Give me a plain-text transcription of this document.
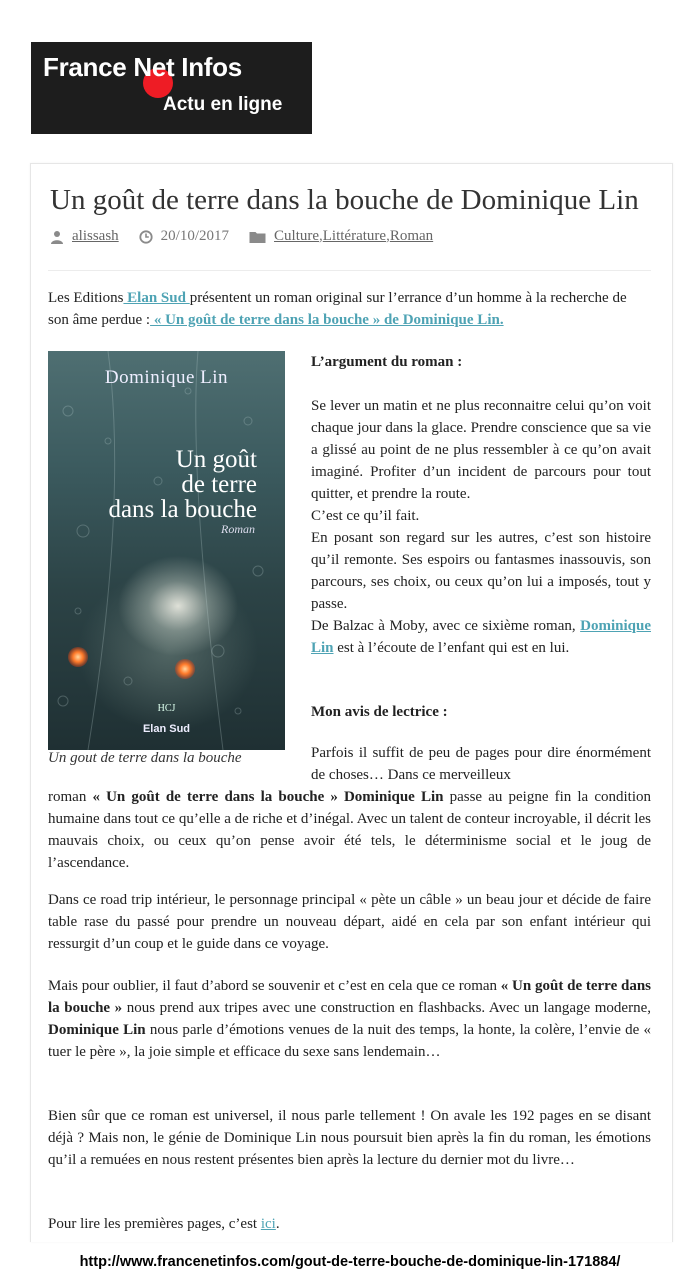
France Net Infos
Actu en ligne
Un goût de terre dans la bouche de Dominique Lin
alissash	20/10/2017	Culture , Littérature , Roman

Les Editions Elan Sud présentent un roman original sur l’errance d’un homme à la recherche de son âme perdue : « Un goût de terre dans la bouche » de Dominique Lin.

Dominique Lin
Un goût
de terre
dans la bouche
Roman
HCJ
Elan Sud
Un gout de terre dans la bouche

L’argument du roman :

Se lever un matin et ne plus reconnaitre celui qu’on voit chaque jour dans la glace. Prendre conscience que sa vie a glissé au point de ne plus ressembler à ce qu’on avait imaginé. Profiter d’un incident de parcours pour tout quitter, et prendre la route.

C’est ce qu’il fait.

En posant son regard sur les autres, c’est son histoire qu’il remonte. Ses espoirs ou fantasmes inassouvis, son parcours, ses choix, ou ceux qu’on lui a imposés, tout y passe.

De Balzac à Moby, avec ce sixième roman, Dominique Lin est à l’écoute de l’enfant qui est en lui.

Mon avis de lectrice :

Parfois il suffit de peu de pages pour dire énormément de choses… Dans ce merveilleux

roman « Un goût de terre dans la bouche » Dominique Lin passe au peigne fin la condition humaine dans tout ce qu’elle a de riche et d’inégal. Avec un talent de conteur incroyable, il décrit les mauvais choix, ou ceux qu’on pense avoir été tels, le déterminisme social et le joug de l’ascendance.

Dans ce road trip intérieur, le personnage principal « pète un câble » un beau jour et décide de faire table rase du passé pour prendre un nouveau départ, aidé en cela par son enfant intérieur qui ressurgit d’un coup et le guide dans ce voyage.

Mais pour oublier, il faut d’abord se souvenir et c’est en cela que ce roman « Un goût de terre dans la bouche » nous prend aux tripes avec une construction en flashbacks. Avec un langage moderne, Dominique Lin nous parle d’émotions venues de la nuit des temps, la honte, la colère, l’envie de « tuer le père », la joie simple et efficace du sexe sans lendemain…

Bien sûr que ce roman est universel, il nous parle tellement ! On avale les 192 pages en se disant déjà ? Mais non, le génie de Dominique Lin nous poursuit bien après la fin du roman, les émotions qu’il a remuées en nous restent présentes bien après la lecture du dernier mot du livre…

Pour lire les premières pages, c’est ici.

http://www.francenetinfos.com/gout-de-terre-bouche-de-dominique-lin-171884/
